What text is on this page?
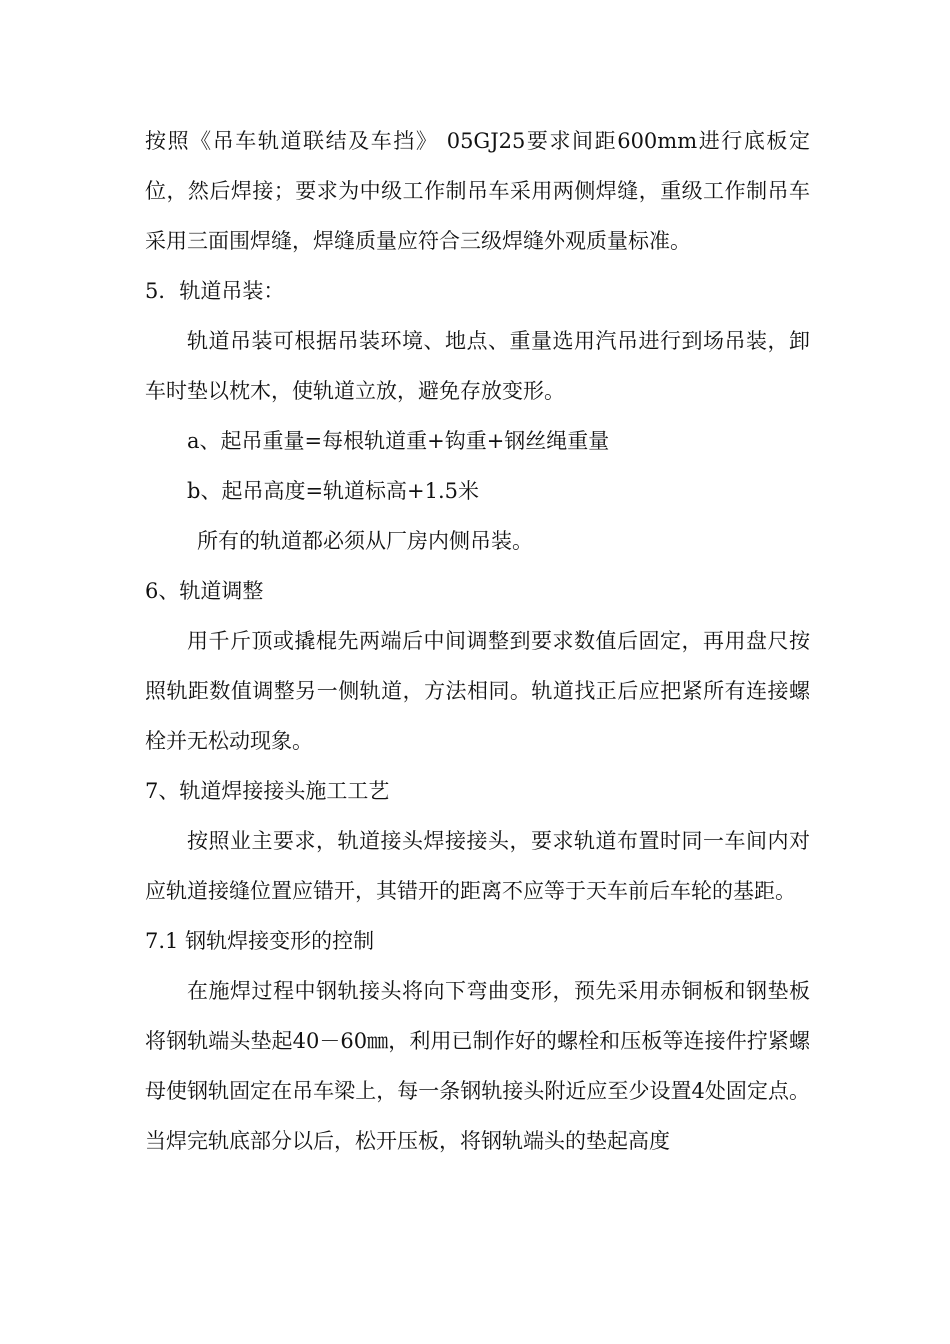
按照《吊车轨道联结及车挡》 05GJ25要求间距600mm进行底板定位，然后焊接；要求为中级工作制吊车采用两侧焊缝，重级工作制吊车采用三面围焊缝，焊缝质量应符合三级焊缝外观质量标准。

5．轨道吊装：

轨道吊装可根据吊装环境、地点、重量选用汽吊进行到场吊装，卸车时垫以枕木，使轨道立放，避免存放变形。

a、起吊重量=每根轨道重+钩重+钢丝绳重量

b、起吊高度=轨道标高+1.5米

所有的轨道都必须从厂房内侧吊装。

6、轨道调整

用千斤顶或撬棍先两端后中间调整到要求数值后固定，再用盘尺按照轨距数值调整另一侧轨道，方法相同。轨道找正后应把紧所有连接螺栓并无松动现象。

7、轨道焊接接头施工工艺

按照业主要求，轨道接头焊接接头，要求轨道布置时同一车间内对应轨道接缝位置应错开，其错开的距离不应等于天车前后车轮的基距。

7.1 钢轨焊接变形的控制

在施焊过程中钢轨接头将向下弯曲变形，预先采用赤铜板和钢垫板将钢轨端头垫起40－60㎜，利用已制作好的螺栓和压板等连接件拧紧螺母使钢轨固定在吊车梁上，每一条钢轨接头附近应至少设置4处固定点。当焊完轨底部分以后，松开压板，将钢轨端头的垫起高度
